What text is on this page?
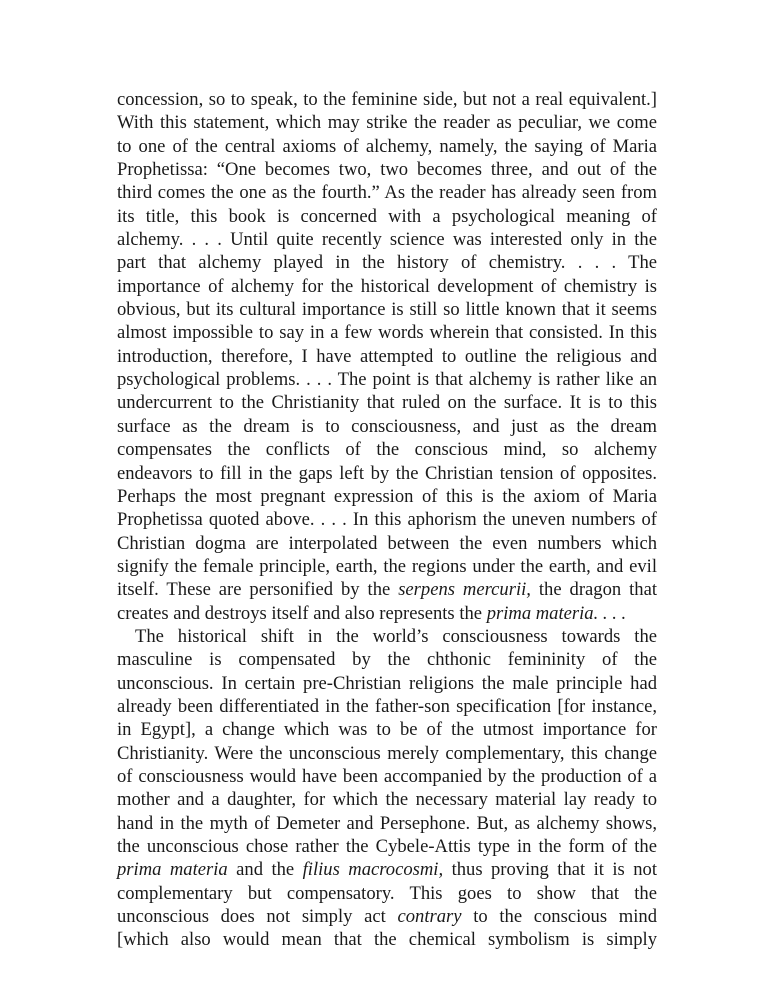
concession, so to speak, to the feminine side, but not a real equivalent.]
With this statement, which may strike the reader as peculiar, we come
to one of the central axioms of alchemy, namely, the saying of Maria
Prophetissa: “One becomes two, two becomes three, and out of the
third comes the one as the fourth.” As the reader has already seen from
its title, this book is concerned with a psychological meaning of
alchemy. . . . Until quite recently science was interested only in the
part that alchemy played in the history of chemistry. . . . The
importance of alchemy for the historical development of chemistry is
obvious, but its cultural importance is still so little known that it seems
almost impossible to say in a few words wherein that consisted. In this
introduction, therefore, I have attempted to outline the religious and
psychological problems. . . . The point is that alchemy is rather like an
undercurrent to the Christianity that ruled on the surface. It is to this
surface as the dream is to consciousness, and just as the dream
compensates the conflicts of the conscious mind, so alchemy
endeavors to fill in the gaps left by the Christian tension of opposites.
Perhaps the most pregnant expression of this is the axiom of Maria
Prophetissa quoted above. . . . In this aphorism the uneven numbers of
Christian dogma are interpolated between the even numbers which
signify the female principle, earth, the regions under the earth, and evil
itself. These are personified by the serpens mercurii, the dragon that
creates and destroys itself and also represents the prima materia. . . .
The historical shift in the world’s consciousness towards the
masculine is compensated by the chthonic femininity of the
unconscious. In certain pre-Christian religions the male principle had
already been differentiated in the father-son specification [for instance,
in Egypt], a change which was to be of the utmost importance for
Christianity. Were the unconscious merely complementary, this change
of consciousness would have been accompanied by the production of a
mother and a daughter, for which the necessary material lay ready to
hand in the myth of Demeter and Persephone. But, as alchemy shows,
the unconscious chose rather the Cybele-Attis type in the form of the
prima materia and the filius macrocosmi, thus proving that it is not
complementary but compensatory. This goes to show that the
unconscious does not simply act contrary to the conscious mind
[which also would mean that the chemical symbolism is simply
